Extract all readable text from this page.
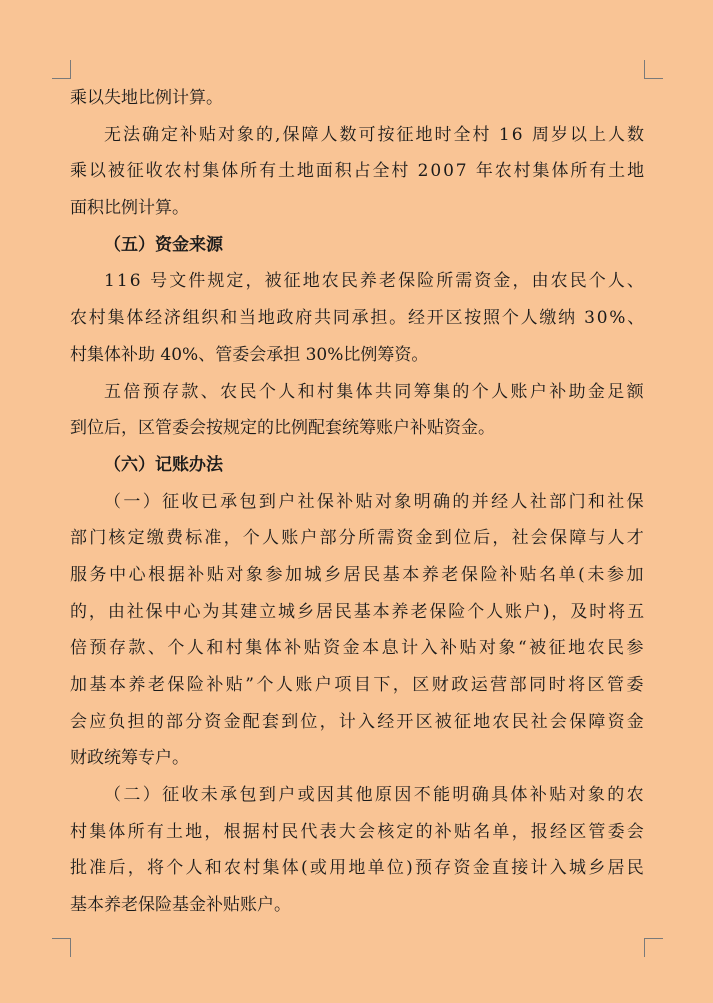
乘以失地比例计算。
无法确定补贴对象的,保障人数可按征地时全村 16 周岁以上人数
乘以被征收农村集体所有土地面积占全村 2007 年农村集体所有土地
面积比例计算。
（五）资金来源
116 号文件规定，被征地农民养老保险所需资金，由农民个人、
农村集体经济组织和当地政府共同承担。经开区按照个人缴纳 30%、
村集体补助 40%、管委会承担 30%比例筹资。
五倍预存款、农民个人和村集体共同筹集的个人账户补助金足额
到位后，区管委会按规定的比例配套统筹账户补贴资金。
（六）记账办法
（一）征收已承包到户社保补贴对象明确的并经人社部门和社保
部门核定缴费标准，个人账户部分所需资金到位后，社会保障与人才
服务中心根据补贴对象参加城乡居民基本养老保险补贴名单(未参加
的，由社保中心为其建立城乡居民基本养老保险个人账户)，及时将五
倍预存款、个人和村集体补贴资金本息计入补贴对象“被征地农民参
加基本养老保险补贴”个人账户项目下，区财政运营部同时将区管委
会应负担的部分资金配套到位，计入经开区被征地农民社会保障资金
财政统筹专户。
（二）征收未承包到户或因其他原因不能明确具体补贴对象的农
村集体所有土地，根据村民代表大会核定的补贴名单，报经区管委会
批准后，将个人和农村集体(或用地单位)预存资金直接计入城乡居民
基本养老保险基金补贴账户。
